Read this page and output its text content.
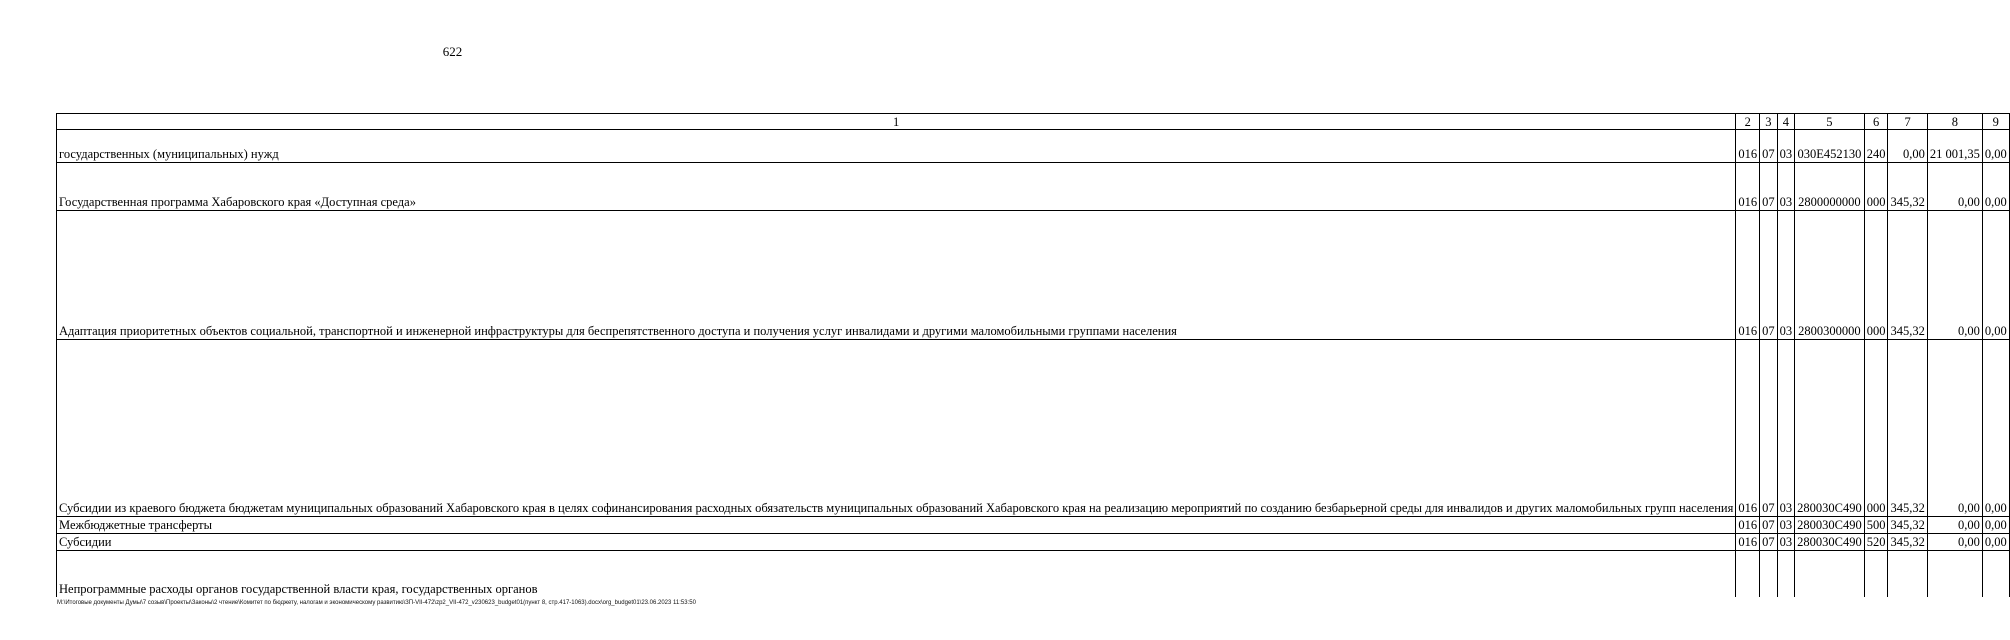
622
1	2	3	4	5	6	7	8	9
государственных (муниципальных) нужд	016	07	03	030E452130	240	0,00	21 001,35	0,00
Государственная программа Хабаровского края «Доступная среда»	016	07	03	2800000000	000	345,32	0,00	0,00
Адаптация приоритетных объектов социальной, транспортной и инженерной инфраструктуры для беспрепятственного доступа и получения услуг инвалидами и другими маломобильными группами населения	016	07	03	2800300000	000	345,32	0,00	0,00
Субсидии из краевого бюджета бюджетам муниципальных образований Хабаровского края в целях софинансирования расходных обязательств муниципальных образований Хабаровского края на реализацию мероприятий по созданию безбарьерной среды для инвалидов и других маломобильных групп населения	016	07	03	280030С490	000	345,32	0,00	0,00
Межбюджетные трансферты	016	07	03	280030С490	500	345,32	0,00	0,00
Субсидии	016	07	03	280030С490	520	345,32	0,00	0,00
Непрограммные расходы органов государственной власти края, государственных органов								
M:\Итоговые документы Думы\7 созыв\Проекты\Законы\2 чтение\Комитет по бюджету, налогам и экономическому развитию\ЗП-VII-472\zp2_VII-472_v230623_budget01(пункт 8, стр.417-1063).docx\org_budget01\23.06.2023 11:53:50
